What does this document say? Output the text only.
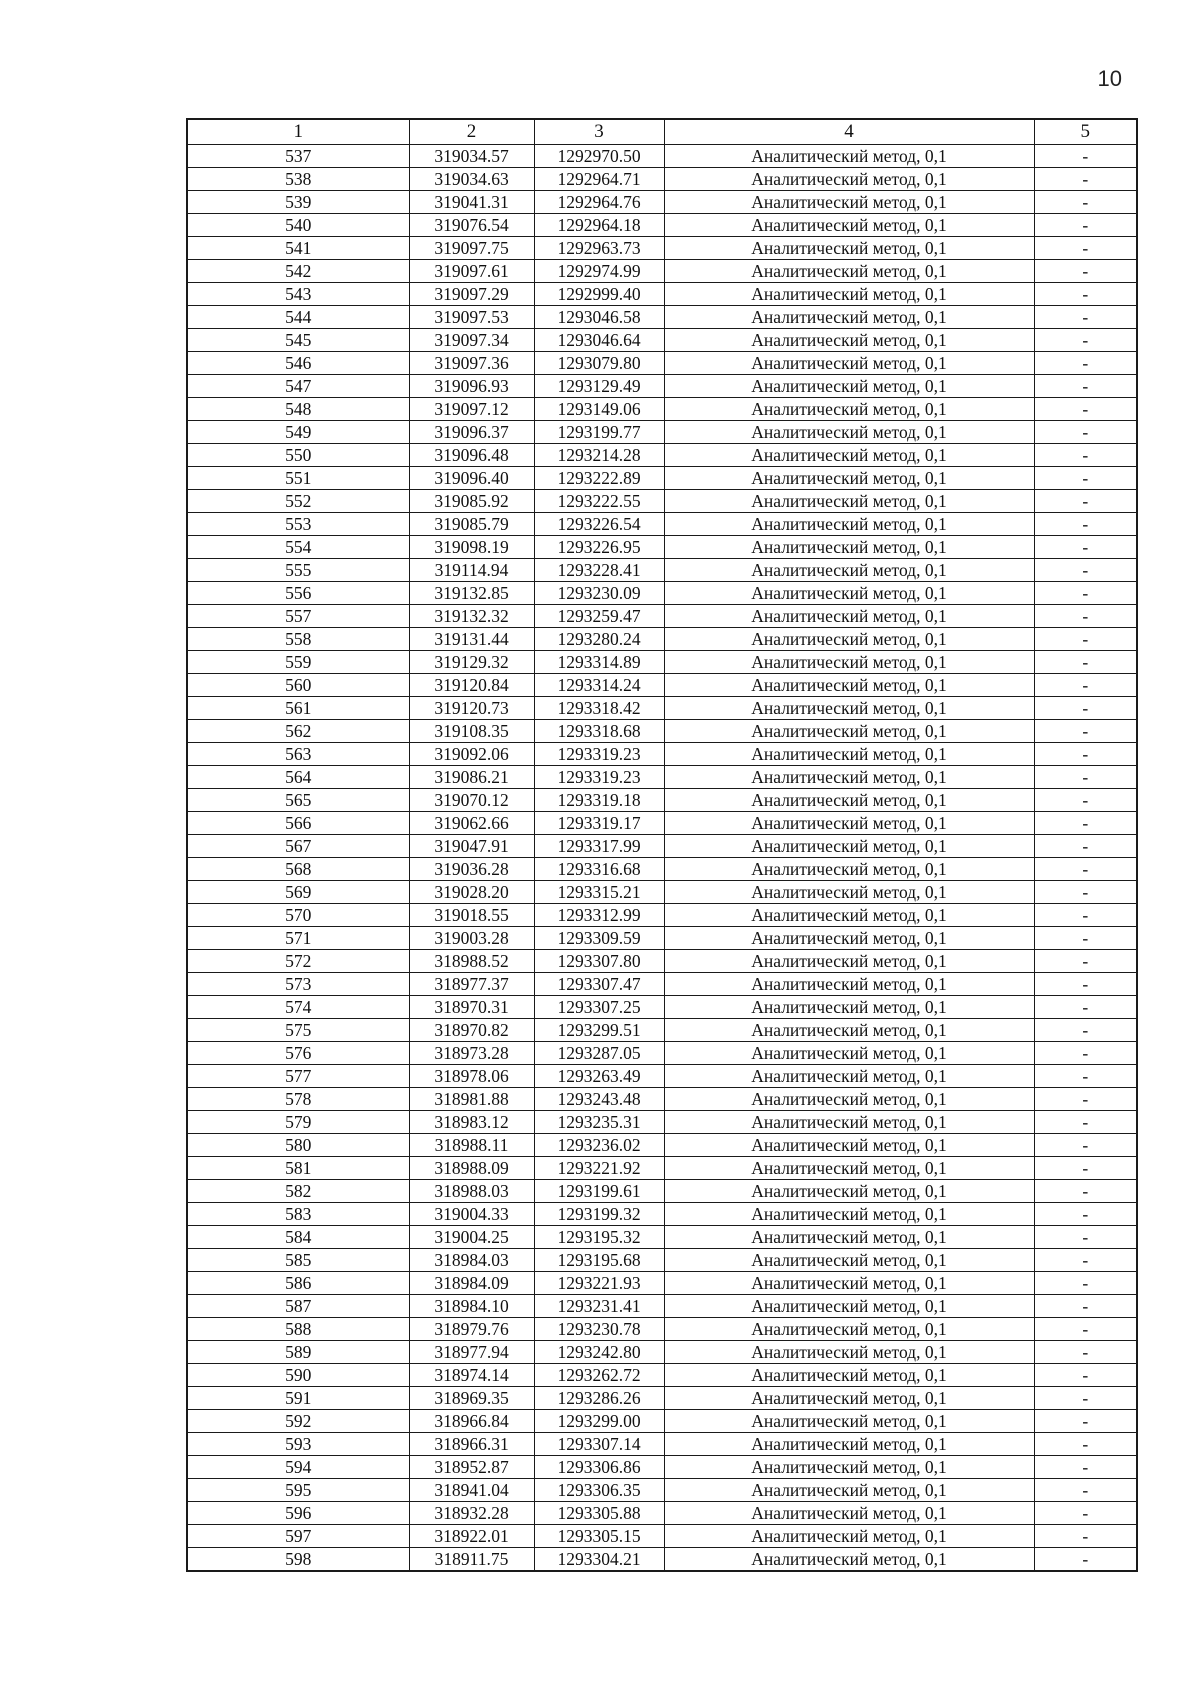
10
1	2	3	4	5
537	319034.57	1292970.50	Аналитический метод, 0,1	-
538	319034.63	1292964.71	Аналитический метод, 0,1	-
539	319041.31	1292964.76	Аналитический метод, 0,1	-
540	319076.54	1292964.18	Аналитический метод, 0,1	-
541	319097.75	1292963.73	Аналитический метод, 0,1	-
542	319097.61	1292974.99	Аналитический метод, 0,1	-
543	319097.29	1292999.40	Аналитический метод, 0,1	-
544	319097.53	1293046.58	Аналитический метод, 0,1	-
545	319097.34	1293046.64	Аналитический метод, 0,1	-
546	319097.36	1293079.80	Аналитический метод, 0,1	-
547	319096.93	1293129.49	Аналитический метод, 0,1	-
548	319097.12	1293149.06	Аналитический метод, 0,1	-
549	319096.37	1293199.77	Аналитический метод, 0,1	-
550	319096.48	1293214.28	Аналитический метод, 0,1	-
551	319096.40	1293222.89	Аналитический метод, 0,1	-
552	319085.92	1293222.55	Аналитический метод, 0,1	-
553	319085.79	1293226.54	Аналитический метод, 0,1	-
554	319098.19	1293226.95	Аналитический метод, 0,1	-
555	319114.94	1293228.41	Аналитический метод, 0,1	-
556	319132.85	1293230.09	Аналитический метод, 0,1	-
557	319132.32	1293259.47	Аналитический метод, 0,1	-
558	319131.44	1293280.24	Аналитический метод, 0,1	-
559	319129.32	1293314.89	Аналитический метод, 0,1	-
560	319120.84	1293314.24	Аналитический метод, 0,1	-
561	319120.73	1293318.42	Аналитический метод, 0,1	-
562	319108.35	1293318.68	Аналитический метод, 0,1	-
563	319092.06	1293319.23	Аналитический метод, 0,1	-
564	319086.21	1293319.23	Аналитический метод, 0,1	-
565	319070.12	1293319.18	Аналитический метод, 0,1	-
566	319062.66	1293319.17	Аналитический метод, 0,1	-
567	319047.91	1293317.99	Аналитический метод, 0,1	-
568	319036.28	1293316.68	Аналитический метод, 0,1	-
569	319028.20	1293315.21	Аналитический метод, 0,1	-
570	319018.55	1293312.99	Аналитический метод, 0,1	-
571	319003.28	1293309.59	Аналитический метод, 0,1	-
572	318988.52	1293307.80	Аналитический метод, 0,1	-
573	318977.37	1293307.47	Аналитический метод, 0,1	-
574	318970.31	1293307.25	Аналитический метод, 0,1	-
575	318970.82	1293299.51	Аналитический метод, 0,1	-
576	318973.28	1293287.05	Аналитический метод, 0,1	-
577	318978.06	1293263.49	Аналитический метод, 0,1	-
578	318981.88	1293243.48	Аналитический метод, 0,1	-
579	318983.12	1293235.31	Аналитический метод, 0,1	-
580	318988.11	1293236.02	Аналитический метод, 0,1	-
581	318988.09	1293221.92	Аналитический метод, 0,1	-
582	318988.03	1293199.61	Аналитический метод, 0,1	-
583	319004.33	1293199.32	Аналитический метод, 0,1	-
584	319004.25	1293195.32	Аналитический метод, 0,1	-
585	318984.03	1293195.68	Аналитический метод, 0,1	-
586	318984.09	1293221.93	Аналитический метод, 0,1	-
587	318984.10	1293231.41	Аналитический метод, 0,1	-
588	318979.76	1293230.78	Аналитический метод, 0,1	-
589	318977.94	1293242.80	Аналитический метод, 0,1	-
590	318974.14	1293262.72	Аналитический метод, 0,1	-
591	318969.35	1293286.26	Аналитический метод, 0,1	-
592	318966.84	1293299.00	Аналитический метод, 0,1	-
593	318966.31	1293307.14	Аналитический метод, 0,1	-
594	318952.87	1293306.86	Аналитический метод, 0,1	-
595	318941.04	1293306.35	Аналитический метод, 0,1	-
596	318932.28	1293305.88	Аналитический метод, 0,1	-
597	318922.01	1293305.15	Аналитический метод, 0,1	-
598	318911.75	1293304.21	Аналитический метод, 0,1	-
